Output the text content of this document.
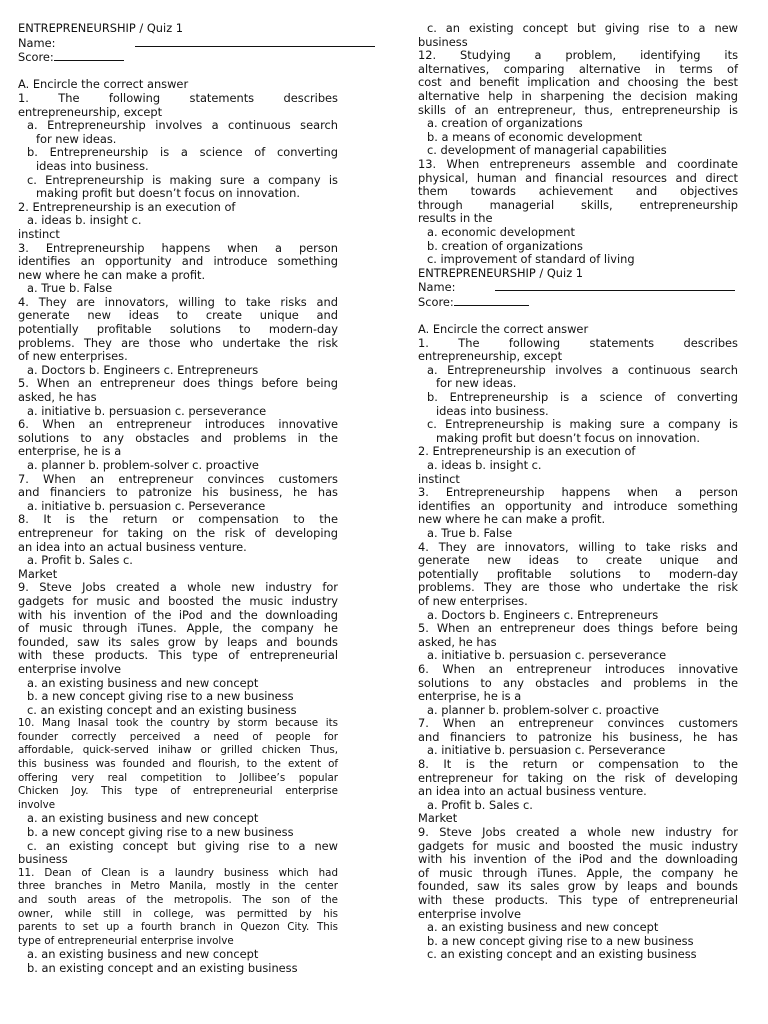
ENTREPRENEURSHIP / Quiz 1
Name:
Score:
A. Encircle the correct answer
1. The following statements describes
entrepreneurship, except
a. Entrepreneurship involves a continuous search
for new ideas.
b. Entrepreneurship is a science of converting
ideas into business.
c. Entrepreneurship is making sure a company is
making profit but doesn’t focus on innovation.
2. Entrepreneurship is an execution of
a. ideas b. insight c.
instinct
3. Entrepreneurship happens when a person
identifies an opportunity and introduce something
new where he can make a profit.
a. True b. False
4. They are innovators, willing to take risks and
generate new ideas to create unique and
potentially profitable solutions to modern-day
problems. They are those who undertake the risk
of new enterprises.
a. Doctors b. Engineers c. Entrepreneurs
5. When an entrepreneur does things before being
asked, he has
a. initiative b. persuasion c. perseverance
6. When an entrepreneur introduces innovative
solutions to any obstacles and problems in the
enterprise, he is a
a. planner b. problem-solver c. proactive
7. When an entrepreneur convinces customers
and financiers to patronize his business, he has
a. initiative b. persuasion c. Perseverance
8. It is the return or compensation to the
entrepreneur for taking on the risk of developing
an idea into an actual business venture.
a. Profit b. Sales c.
Market
9. Steve Jobs created a whole new industry for
gadgets for music and boosted the music industry
with his invention of the iPod and the downloading
of music through iTunes. Apple, the company he
founded, saw its sales grow by leaps and bounds
with these products. This type of entrepreneurial
enterprise involve
a. an existing business and new concept
b. a new concept giving rise to a new business
c. an existing concept and an existing business
10. Mang Inasal took the country by storm because its
founder correctly perceived a need of people for
affordable, quick-served inihaw or grilled chicken Thus,
this business was founded and flourish, to the extent of
offering very real competition to Jollibee’s popular
Chicken Joy. This type of entrepreneurial enterprise
involve
a. an existing business and new concept
b. a new concept giving rise to a new business
c. an existing concept but giving rise to a new
business
11. Dean of Clean is a laundry business which had
three branches in Metro Manila, mostly in the center
and south areas of the metropolis. The son of the
owner, while still in college, was permitted by his
parents to set up a fourth branch in Quezon City. This
type of entrepreneurial enterprise involve
a. an existing business and new concept
b. an existing concept and an existing business
c. an existing concept but giving rise to a new
business
12. Studying a problem, identifying its
alternatives, comparing alternative in terms of
cost and benefit implication and choosing the best
alternative help in sharpening the decision making
skills of an entrepreneur, thus, entrepreneurship is
a. creation of organizations
b. a means of economic development
c. development of managerial capabilities
13. When entrepreneurs assemble and coordinate
physical, human and financial resources and direct
them towards achievement and objectives
through managerial skills, entrepreneurship
results in the
a. economic development
b. creation of organizations
c. improvement of standard of living
ENTREPRENEURSHIP / Quiz 1
Name:
Score:
A. Encircle the correct answer
1. The following statements describes
entrepreneurship, except
a. Entrepreneurship involves a continuous search
for new ideas.
b. Entrepreneurship is a science of converting
ideas into business.
c. Entrepreneurship is making sure a company is
making profit but doesn’t focus on innovation.
2. Entrepreneurship is an execution of
a. ideas b. insight c.
instinct
3. Entrepreneurship happens when a person
identifies an opportunity and introduce something
new where he can make a profit.
a. True b. False
4. They are innovators, willing to take risks and
generate new ideas to create unique and
potentially profitable solutions to modern-day
problems. They are those who undertake the risk
of new enterprises.
a. Doctors b. Engineers c. Entrepreneurs
5. When an entrepreneur does things before being
asked, he has
a. initiative b. persuasion c. perseverance
6. When an entrepreneur introduces innovative
solutions to any obstacles and problems in the
enterprise, he is a
a. planner b. problem-solver c. proactive
7. When an entrepreneur convinces customers
and financiers to patronize his business, he has
a. initiative b. persuasion c. Perseverance
8. It is the return or compensation to the
entrepreneur for taking on the risk of developing
an idea into an actual business venture.
a. Profit b. Sales c.
Market
9. Steve Jobs created a whole new industry for
gadgets for music and boosted the music industry
with his invention of the iPod and the downloading
of music through iTunes. Apple, the company he
founded, saw its sales grow by leaps and bounds
with these products. This type of entrepreneurial
enterprise involve
a. an existing business and new concept
b. a new concept giving rise to a new business
c. an existing concept and an existing business
